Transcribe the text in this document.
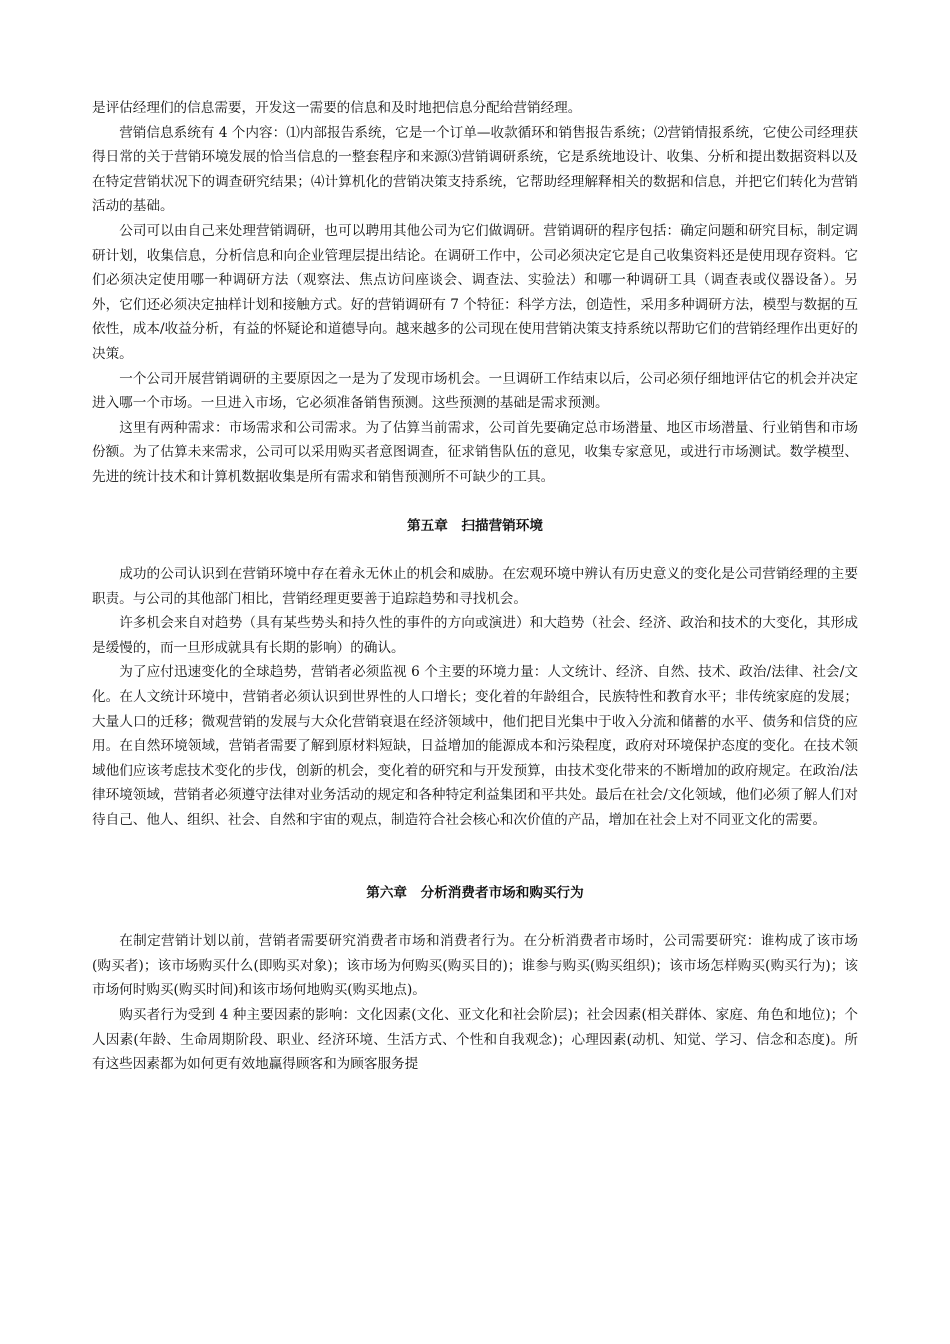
是评估经理们的信息需要，开发这一需要的信息和及时地把信息分配给营销经理。

营销信息系统有 4 个内容：⑴内部报告系统，它是一个订单—收款循环和销售报告系统；⑵营销情报系统，它使公司经理获得日常的关于营销环境发展的恰当信息的一整套程序和来源⑶营销调研系统，它是系统地设计、收集、分析和提出数据资料以及在特定营销状况下的调查研究结果；⑷计算机化的营销决策支持系统，它帮助经理解释相关的数据和信息，并把它们转化为营销活动的基础。

公司可以由自己来处理营销调研，也可以聘用其他公司为它们做调研。营销调研的程序包括：确定问题和研究目标，制定调研计划，收集信息，分析信息和向企业管理层提出结论。在调研工作中，公司必须决定它是自己收集资料还是使用现存资料。它们必须决定使用哪一种调研方法（观察法、焦点访问座谈会、调查法、实验法）和哪一种调研工具（调查表或仪器设备）。另外，它们还必须决定抽样计划和接触方式。好的营销调研有 7 个特征：科学方法，创造性，采用多种调研方法，模型与数据的互依性，成本/收益分析，有益的怀疑论和道德导向。越来越多的公司现在使用营销决策支持系统以帮助它们的营销经理作出更好的决策。

一个公司开展营销调研的主要原因之一是为了发现市场机会。一旦调研工作结束以后，公司必须仔细地评估它的机会并决定进入哪一个市场。一旦进入市场，它必须准备销售预测。这些预测的基础是需求预测。

这里有两种需求：市场需求和公司需求。为了估算当前需求，公司首先要确定总市场潜量、地区市场潜量、行业销售和市场份额。为了估算未来需求，公司可以采用购买者意图调查，征求销售队伍的意见，收集专家意见，或进行市场测试。数学模型、先进的统计技术和计算机数据收集是所有需求和销售预测所不可缺少的工具。

第五章　扫描营销环境

成功的公司认识到在营销环境中存在着永无休止的机会和威胁。在宏观环境中辨认有历史意义的变化是公司营销经理的主要职责。与公司的其他部门相比，营销经理更要善于追踪趋势和寻找机会。

许多机会来自对趋势（具有某些势头和持久性的事件的方向或演进）和大趋势（社会、经济、政治和技术的大变化，其形成是缓慢的，而一旦形成就具有长期的影响）的确认。

为了应付迅速变化的全球趋势，营销者必须监视 6 个主要的环境力量：人文统计、经济、自然、技术、政治/法律、社会/文化。在人文统计环境中，营销者必须认识到世界性的人口增长；变化着的年龄组合，民族特性和教育水平；非传统家庭的发展；大量人口的迁移；微观营销的发展与大众化营销衰退在经济领域中，他们把目光集中于收入分流和储蓄的水平、债务和信贷的应用。在自然环境领域，营销者需要了解到原材料短缺，日益增加的能源成本和污染程度，政府对环境保护态度的变化。在技术领域他们应该考虑技术变化的步伐，创新的机会，变化着的研究和与开发预算，由技术变化带来的不断增加的政府规定。在政治/法律环境领域，营销者必须遵守法律对业务活动的规定和各种特定利益集团和平共处。最后在社会/文化领域，他们必须了解人们对待自己、他人、组织、社会、自然和宇宙的观点，制造符合社会核心和次价值的产品，增加在社会上对不同亚文化的需要。

第六章　分析消费者市场和购买行为

在制定营销计划以前，营销者需要研究消费者市场和消费者行为。在分析消费者市场时，公司需要研究：谁构成了该市场(购买者)；该市场购买什么(即购买对象)；该市场为何购买(购买目的)；谁参与购买(购买组织)；该市场怎样购买(购买行为)；该市场何时购买(购买时间)和该市场何地购买(购买地点)。

购买者行为受到 4 种主要因素的影响：文化因素(文化、亚文化和社会阶层)；社会因素(相关群体、家庭、角色和地位)；个人因素(年龄、生命周期阶段、职业、经济环境、生活方式、个性和自我观念)；心理因素(动机、知觉、学习、信念和态度)。所有这些因素都为如何更有效地赢得顾客和为顾客服务提
